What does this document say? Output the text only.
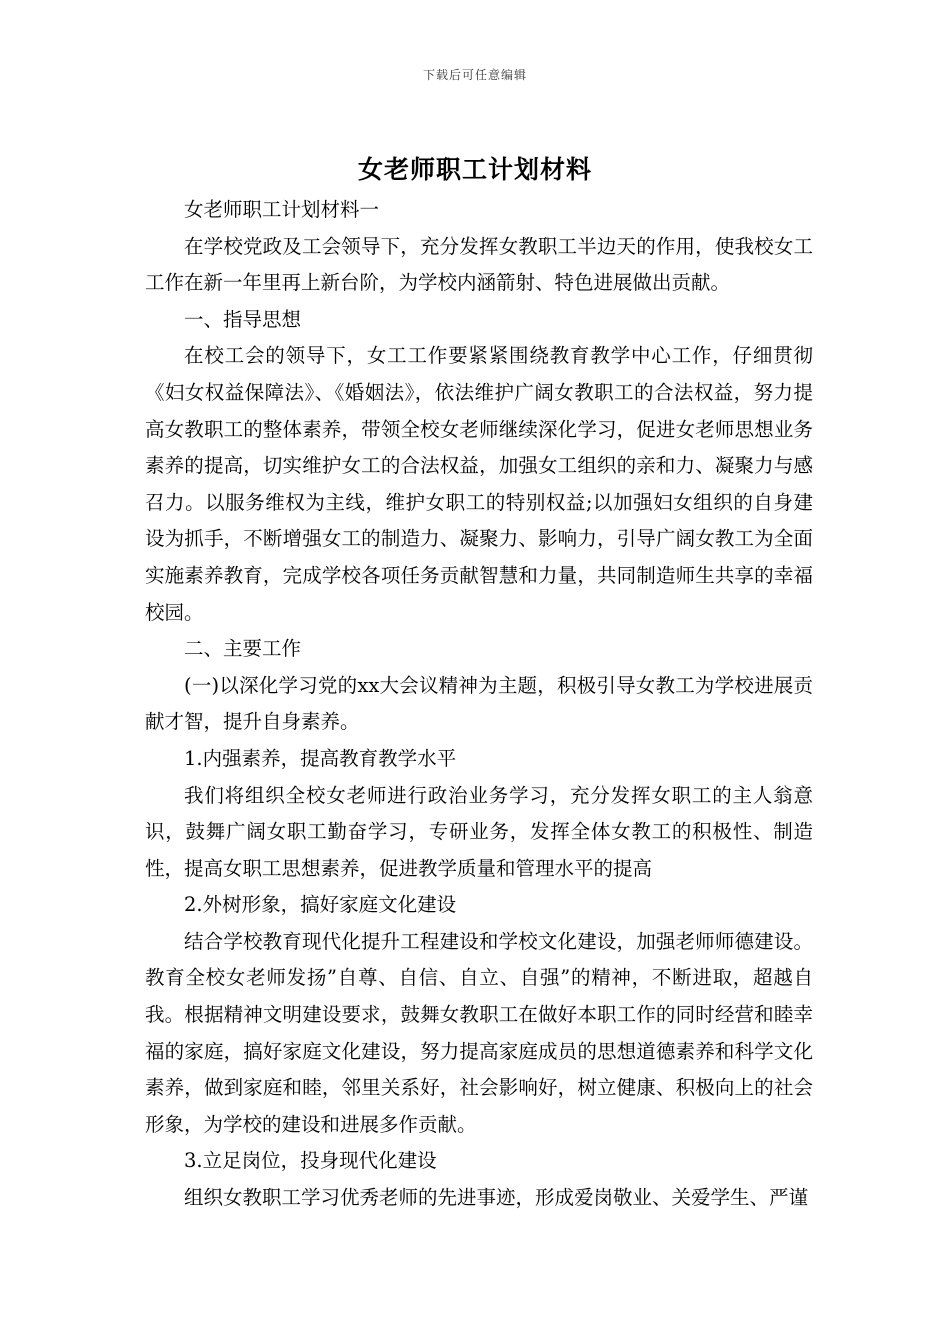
下载后可任意编辑
女老师职工计划材料

女老师职工计划材料一

在学校党政及工会领导下，充分发挥女教职工半边天的作用，使我校女工工作在新一年里再上新台阶，为学校内涵箭射、特色进展做出贡献。

一、指导思想

在校工会的领导下，女工工作要紧紧围绕教育教学中心工作，仔细贯彻《妇女权益保障法》、《婚姻法》，依法维护广阔女教职工的合法权益，努力提高女教职工的整体素养，带领全校女老师继续深化学习，促进女老师思想业务素养的提高，切实维护女工的合法权益，加强女工组织的亲和力、凝聚力与感召力。以服务维权为主线，维护女职工的特别权益;以加强妇女组织的自身建设为抓手，不断增强女工的制造力、凝聚力、影响力，引导广阔女教工为全面实施素养教育，完成学校各项任务贡献智慧和力量，共同制造师生共享的幸福校园。

二、主要工作

(一)以深化学习党的xx大会议精神为主题，积极引导女教工为学校进展贡献才智，提升自身素养。

1.内强素养，提高教育教学水平

我们将组织全校女老师进行政治业务学习，充分发挥女职工的主人翁意识，鼓舞广阔女职工勤奋学习，专研业务，发挥全体女教工的积极性、制造性，提高女职工思想素养，促进教学质量和管理水平的提高

2.外树形象，搞好家庭文化建设

结合学校教育现代化提升工程建设和学校文化建设，加强老师师德建设。教育全校女老师发扬”自尊、自信、自立、自强”的精神，不断进取，超越自我。根据精神文明建设要求，鼓舞女教职工在做好本职工作的同时经营和睦幸福的家庭，搞好家庭文化建设，努力提高家庭成员的思想道德素养和科学文化素养，做到家庭和睦，邻里关系好，社会影响好，树立健康、积极向上的社会形象，为学校的建设和进展多作贡献。

3.立足岗位，投身现代化建设

组织女教职工学习优秀老师的先进事迹，形成爱岗敬业、关爱学生、严谨
